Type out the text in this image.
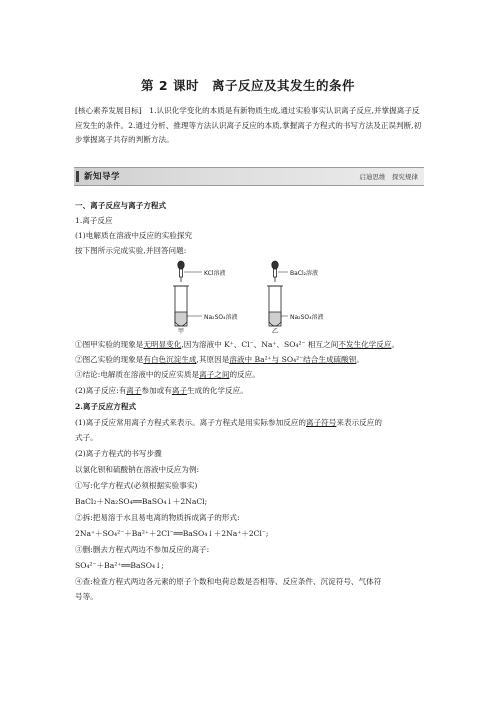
第 2 课时　离子反应及其发生的条件
[核心素养发展目标]　1.认识化学变化的本质是有新物质生成,通过实验事实认识离子反应,并掌握离子反应发生的条件。2.通过分析、推理等方法认识离子反应的本质,掌握离子方程式的书写方法及正误判断,初步掌握离子共存的判断方法。
新知导学	启迪思维　探究规律
一、离子反应与离子方程式
1.离子反应
(1)电解质在溶液中反应的实验探究
按下图所示完成实验,并回答问题:
KCl溶液
Na₂SO₄溶液
甲
BaCl₂溶液
Na₂SO₄溶液
乙
①图甲实验的现象是无明显变化,因为溶液中 K⁺、Cl⁻、Na⁺、SO₄²⁻ 相互之间不发生化学反应。
②图乙实验的现象是有白色沉淀生成,其原因是溶液中 Ba²⁺与 SO₄²⁻结合生成硫酸钡。
③结论:电解质在溶液中的反应实质是离子之间的反应。
(2)离子反应:有离子参加或有离子生成的化学反应。
2.离子反应方程式
(1)离子反应常用离子方程式来表示。离子方程式是用实际参加反应的离子符号来表示反应的
式子。
(2)离子方程式的书写步骤
以氯化钡和硫酸钠在溶液中反应为例:
①写:化学方程式(必须根据实验事实)
BaCl₂＋Na₂SO₄══BaSO₄↓＋2NaCl;
②拆:把易溶于水且易电离的物质拆成离子的形式:
2Na⁺＋SO₄²⁻＋Ba²⁺＋2Cl⁻══BaSO₄↓＋2Na⁺＋2Cl⁻;
③删:删去方程式两边不参加反应的离子:
SO₄²⁻＋Ba²⁺══BaSO₄↓;
④查:检查方程式两边各元素的原子个数和电荷总数是否相等、反应条件、沉淀符号、气体符
号等。
